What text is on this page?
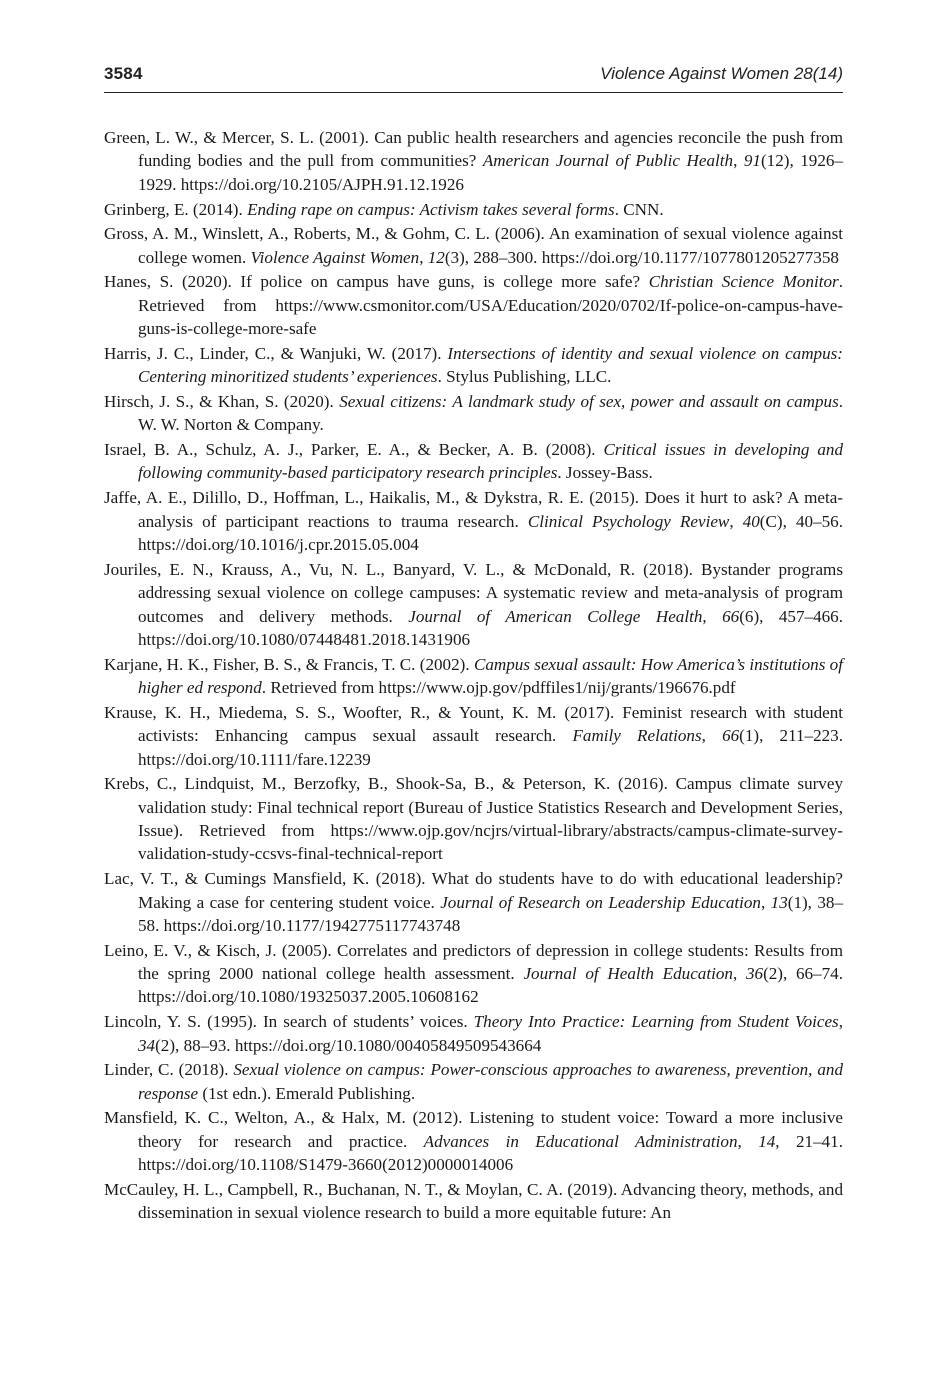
3584	Violence Against Women 28(14)

Green, L. W., & Mercer, S. L. (2001). Can public health researchers and agencies reconcile the push from funding bodies and the pull from communities? American Journal of Public Health, 91(12), 1926–1929. https://doi.org/10.2105/AJPH.91.12.1926

Grinberg, E. (2014). Ending rape on campus: Activism takes several forms. CNN.

Gross, A. M., Winslett, A., Roberts, M., & Gohm, C. L. (2006). An examination of sexual violence against college women. Violence Against Women, 12(3), 288–300. https://doi.org/10.​1177/1077801205277358

Hanes, S. (2020). If police on campus have guns, is college more safe? Christian Science Monitor. Retrieved from https://www.csmonitor.com/USA/Education/2020/0702/If-​police-on-campus-have-guns-is-college-more-safe

Harris, J. C., Linder, C., & Wanjuki, W. (2017). Intersections of identity and sexual violence on campus: Centering minoritized students’ experiences. Stylus Publishing, LLC.

Hirsch, J. S., & Khan, S. (2020). Sexual citizens: A landmark study of sex, power and assault on campus. W. W. Norton & Company.

Israel, B. A., Schulz, A. J., Parker, E. A., & Becker, A. B. (2008). Critical issues in developing and following community-based participatory research principles. Jossey-Bass.

Jaffe, A. E., Dilillo, D., Hoffman, L., Haikalis, M., & Dykstra, R. E. (2015). Does it hurt to ask? A meta-analysis of participant reactions to trauma research. Clinical Psychology Review, 40(C), 40–56. https://doi.org/10.1016/j.cpr.2015.05.004

Jouriles, E. N., Krauss, A., Vu, N. L., Banyard, V. L., & McDonald, R. (2018). Bystander programs addressing sexual violence on college campuses: A systematic review and meta-​analysis of program outcomes and delivery methods. Journal of American College Health, 66(6), 457–466. https://doi.org/10.1080/07448481.2018.1431906

Karjane, H. K., Fisher, B. S., & Francis, T. C. (2002). Campus sexual assault: How America’s institutions of higher ed respond. Retrieved from https://www.ojp.gov/pdffiles1/nij/grants/​196676.pdf

Krause, K. H., Miedema, S. S., Woofter, R., & Yount, K. M. (2017). Feminist research with student activists: Enhancing campus sexual assault research. Family Relations, 66(1), 211–223. https://doi.org/10.1111/fare.12239

Krebs, C., Lindquist, M., Berzofky, B., Shook-Sa, B., & Peterson, K. (2016). Campus climate survey validation study: Final technical report (Bureau of Justice Statistics Research and Development Series, Issue). Retrieved from https://www.ojp.gov/ncjrs/virtual-library/​abstracts/campus-climate-survey-validation-study-ccsvs-final-technical-report

Lac, V. T., & Cumings Mansfield, K. (2018). What do students have to do with educational leadership? Making a case for centering student voice. Journal of Research on Leadership Education, 13(1), 38–58. https://doi.org/10.1177/1942775117743748

Leino, E. V., & Kisch, J. (2005). Correlates and predictors of depression in college students: Results from the spring 2000 national college health assessment. Journal of Health Education, 36(2), 66–74. https://doi.org/10.1080/19325037.2005.10608162

Lincoln, Y. S. (1995). In search of students’ voices. Theory Into Practice: Learning from Student Voices, 34(2), 88–93. https://doi.org/10.1080/00405849509543664

Linder, C. (2018). Sexual violence on campus: Power-conscious approaches to awareness, prevention, and response (1st edn.). Emerald Publishing.

Mansfield, K. C., Welton, A., & Halx, M. (2012). Listening to student voice: Toward a more inclusive theory for research and practice. Advances in Educational Administration, 14, 21–41. https://doi.org/10.1108/S1479-3660(2012)0000014006

McCauley, H. L., Campbell, R., Buchanan, N. T., & Moylan, C. A. (2019). Advancing theory, methods, and dissemination in sexual violence research to build a more equitable future: An
